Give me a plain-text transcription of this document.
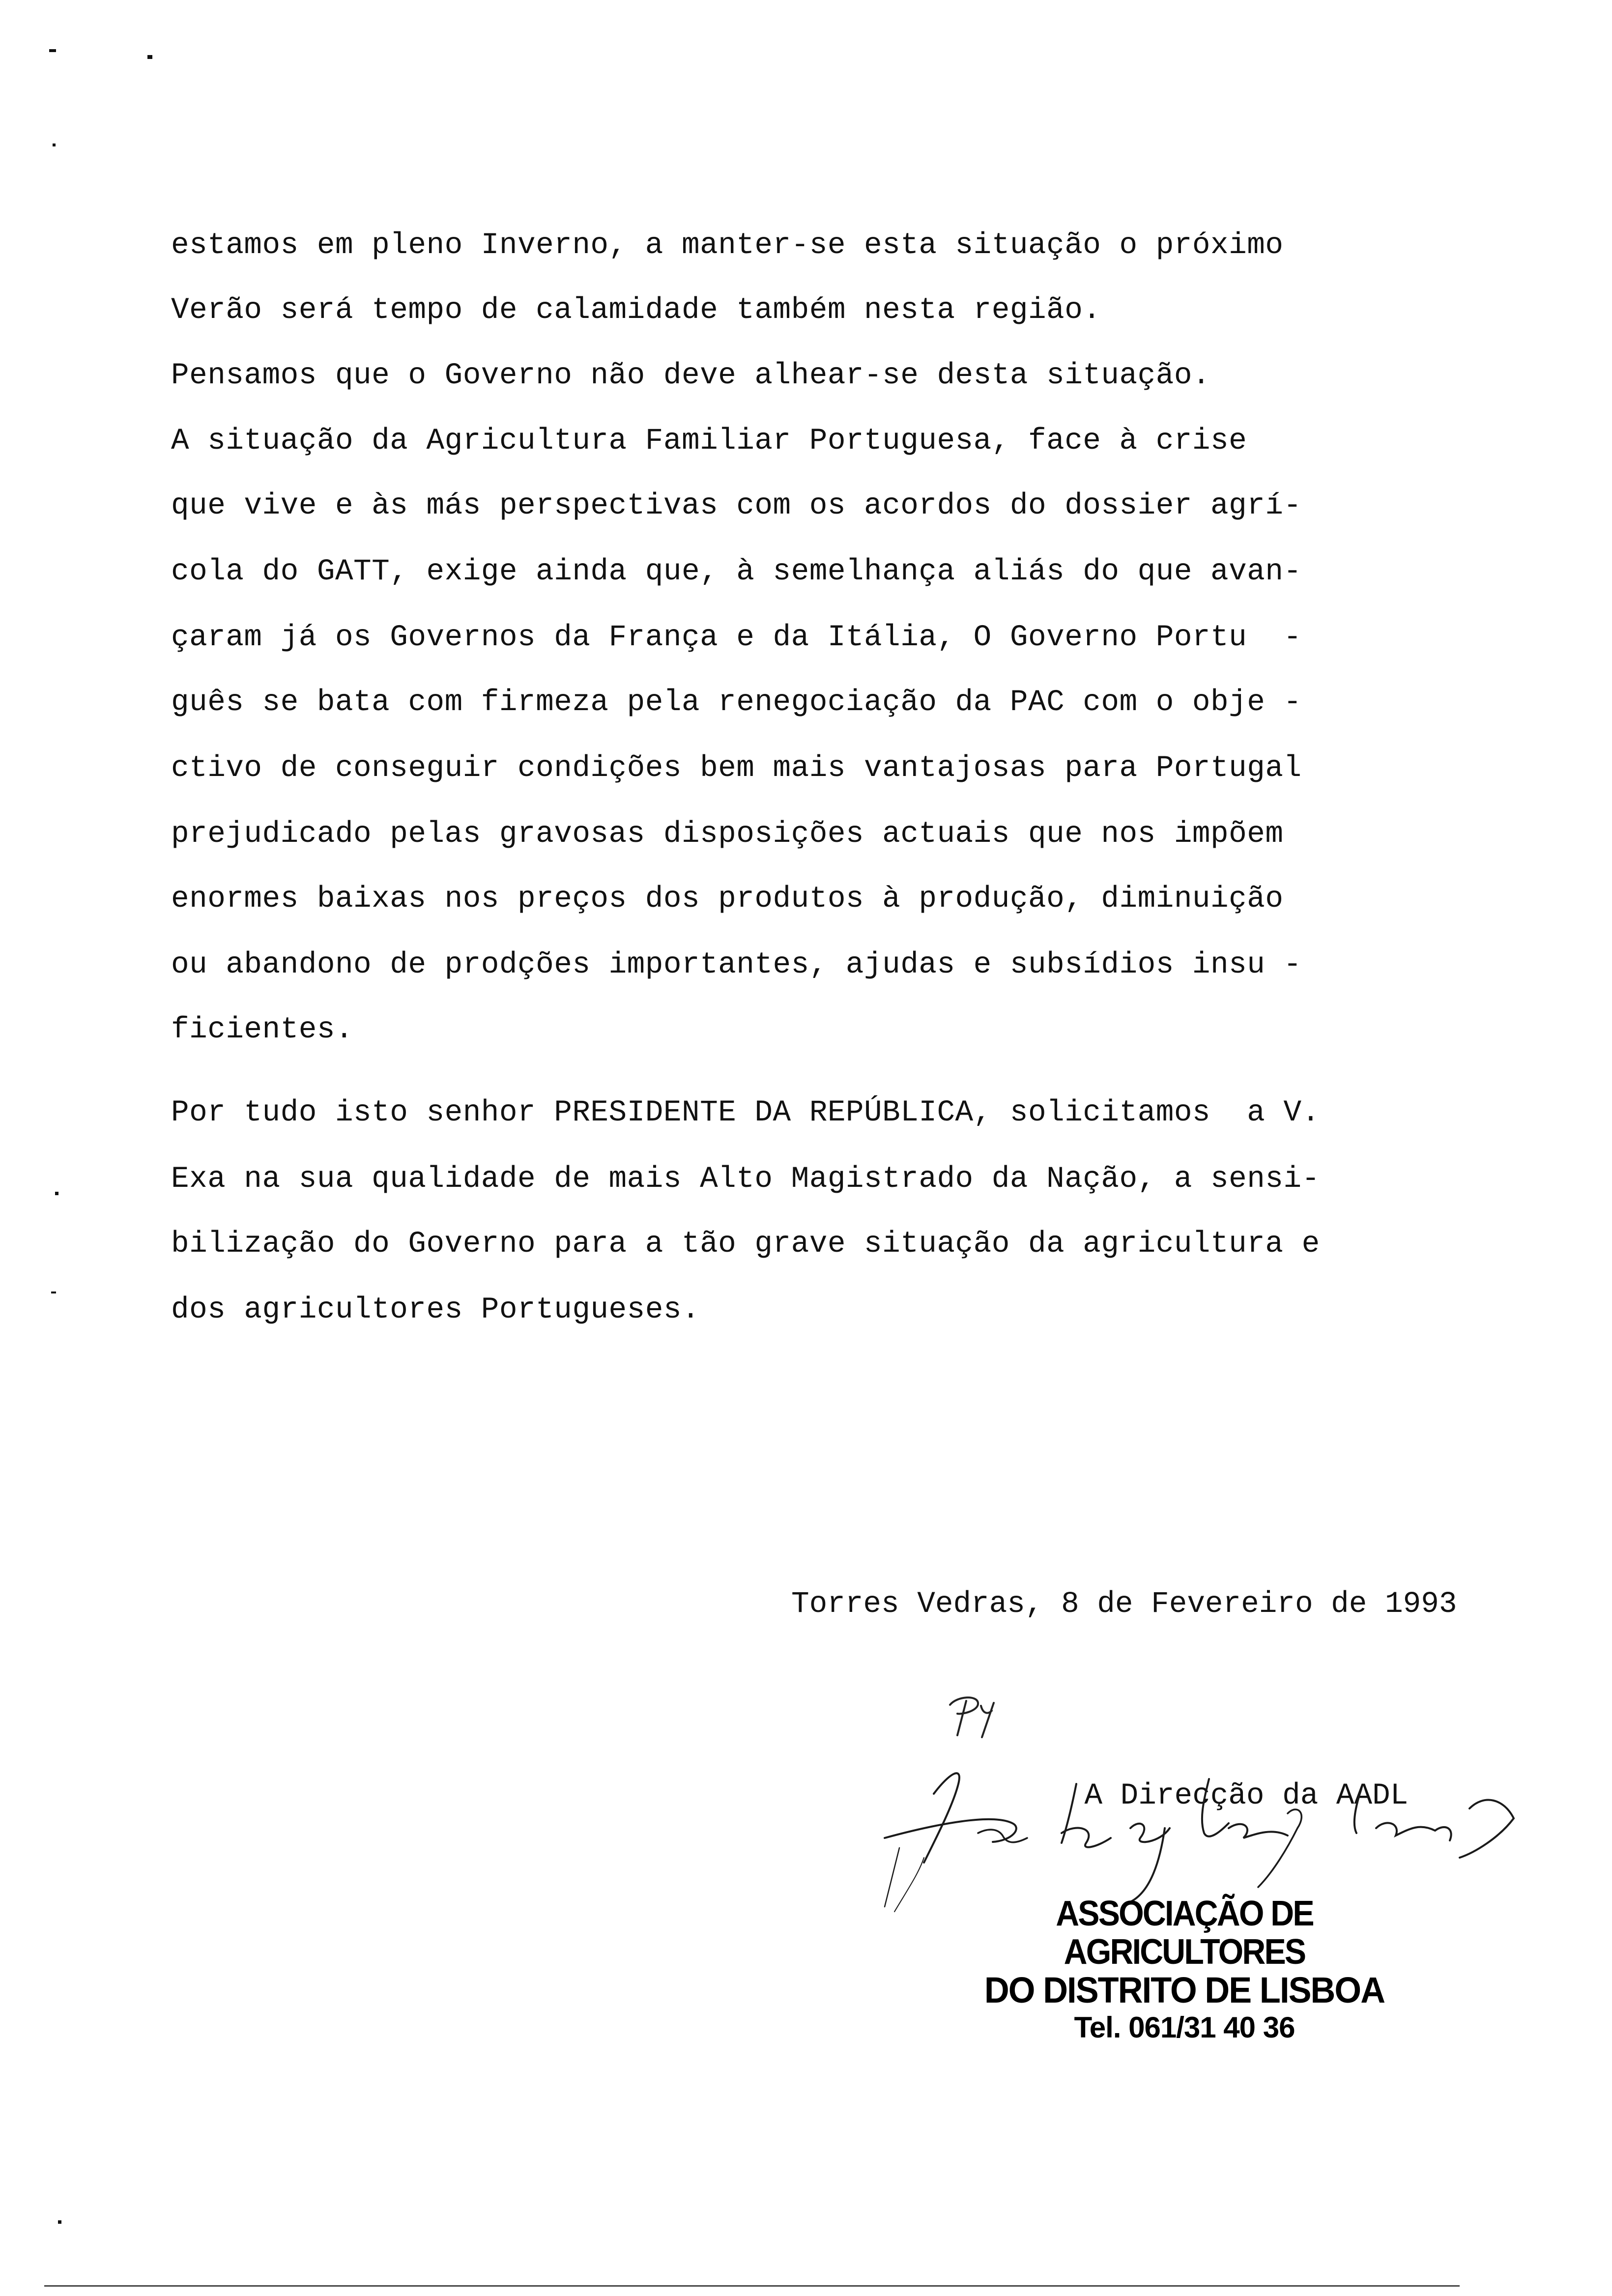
estamos em pleno Inverno, a manter-se esta situação o próximo
Verão será tempo de calamidade também nesta região.
Pensamos que o Governo não deve alhear-se desta situação.
A situação da Agricultura Familiar Portuguesa, face à crise
que vive e às más perspectivas com os acordos do dossier agrí-
cola do GATT, exige ainda que, à semelhança aliás do que avan-
çaram já os Governos da França e da Itália, O Governo Portu  -
guês se bata com firmeza pela renegociação da PAC com o obje -
ctivo de conseguir condições bem mais vantajosas para Portugal
prejudicado pelas gravosas disposições actuais que nos impõem
enormes baixas nos preços dos produtos à produção, diminuição
ou abandono de prodções importantes, ajudas e subsídios insu -
ficientes.
Por tudo isto senhor PRESIDENTE DA REPÚBLICA, solicitamos  a V.
Exa na sua qualidade de mais Alto Magistrado da Nação, a sensi-
bilização do Governo para a tão grave situação da agricultura e
dos agricultores Portugueses.
Torres Vedras, 8 de Fevereiro de 1993

A Direcção da AADL

ASSOCIAÇÃO DE AGRICULTORES
DO DISTRITO DE LISBOA
Tel. 061/31 40 36
